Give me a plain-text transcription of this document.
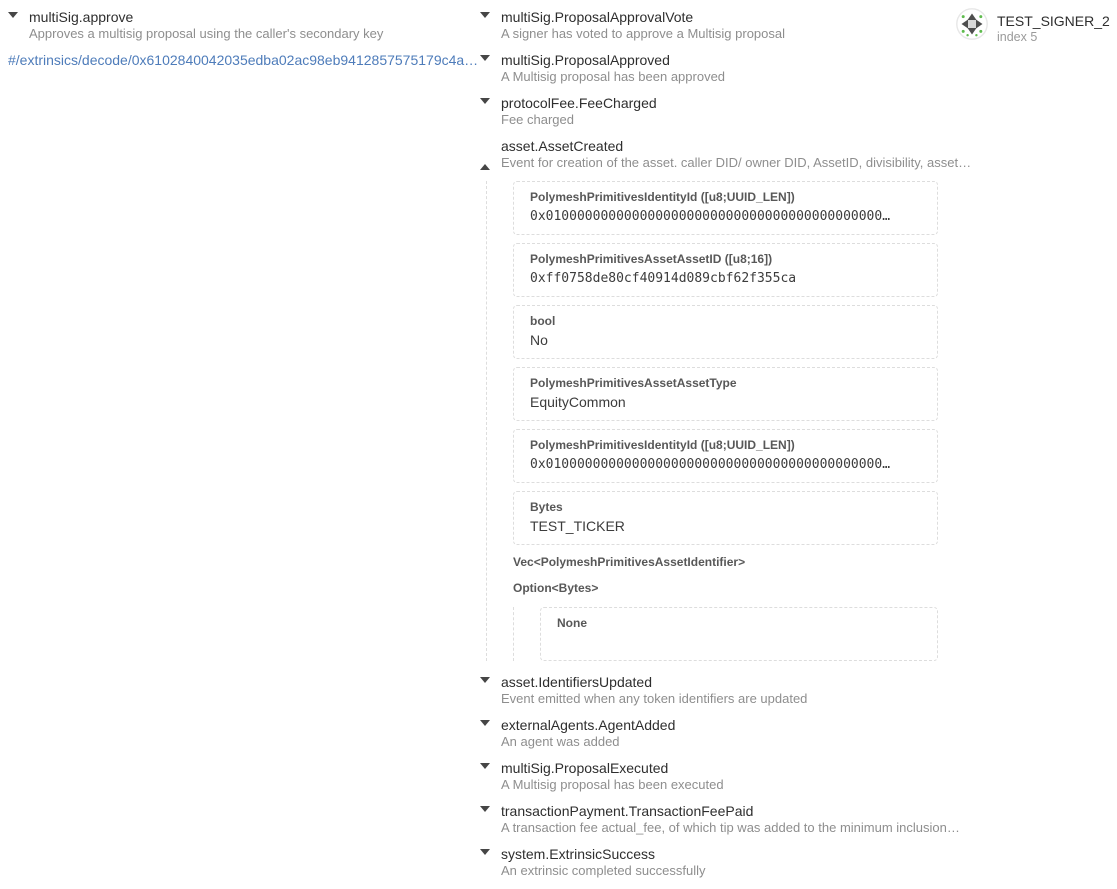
multiSig.approve
Approves a multisig proposal using the caller's secondary key
#/extrinsics/decode/0x6102840042035edba02ac98eb9412857575179c4a…
multiSig.ProposalApprovalVote
A signer has voted to approve a Multisig proposal
multiSig.ProposalApproved
A Multisig proposal has been approved
protocolFee.FeeCharged
Fee charged
asset.AssetCreated
Event for creation of the asset. caller DID/ owner DID, AssetID, divisibility, asset…
PolymeshPrimitivesIdentityId ([u8;UUID_LEN])
0x0100000000000000000000000000000000000000000…
PolymeshPrimitivesAssetAssetID ([u8;16])
0xff0758de80cf40914d089cbf62f355ca
bool
No
PolymeshPrimitivesAssetAssetType
EquityCommon
PolymeshPrimitivesIdentityId ([u8;UUID_LEN])
0x0100000000000000000000000000000000000000000…
Bytes
TEST_TICKER
Vec<PolymeshPrimitivesAssetIdentifier>
Option<Bytes>
None

asset.IdentifiersUpdated
Event emitted when any token identifiers are updated
externalAgents.AgentAdded
An agent was added
multiSig.ProposalExecuted
A Multisig proposal has been executed
transactionPayment.TransactionFeePaid
A transaction fee actual_fee, of which tip was added to the minimum inclusion…
system.ExtrinsicSuccess
An extrinsic completed successfully
TEST_SIGNER_2
index 5
